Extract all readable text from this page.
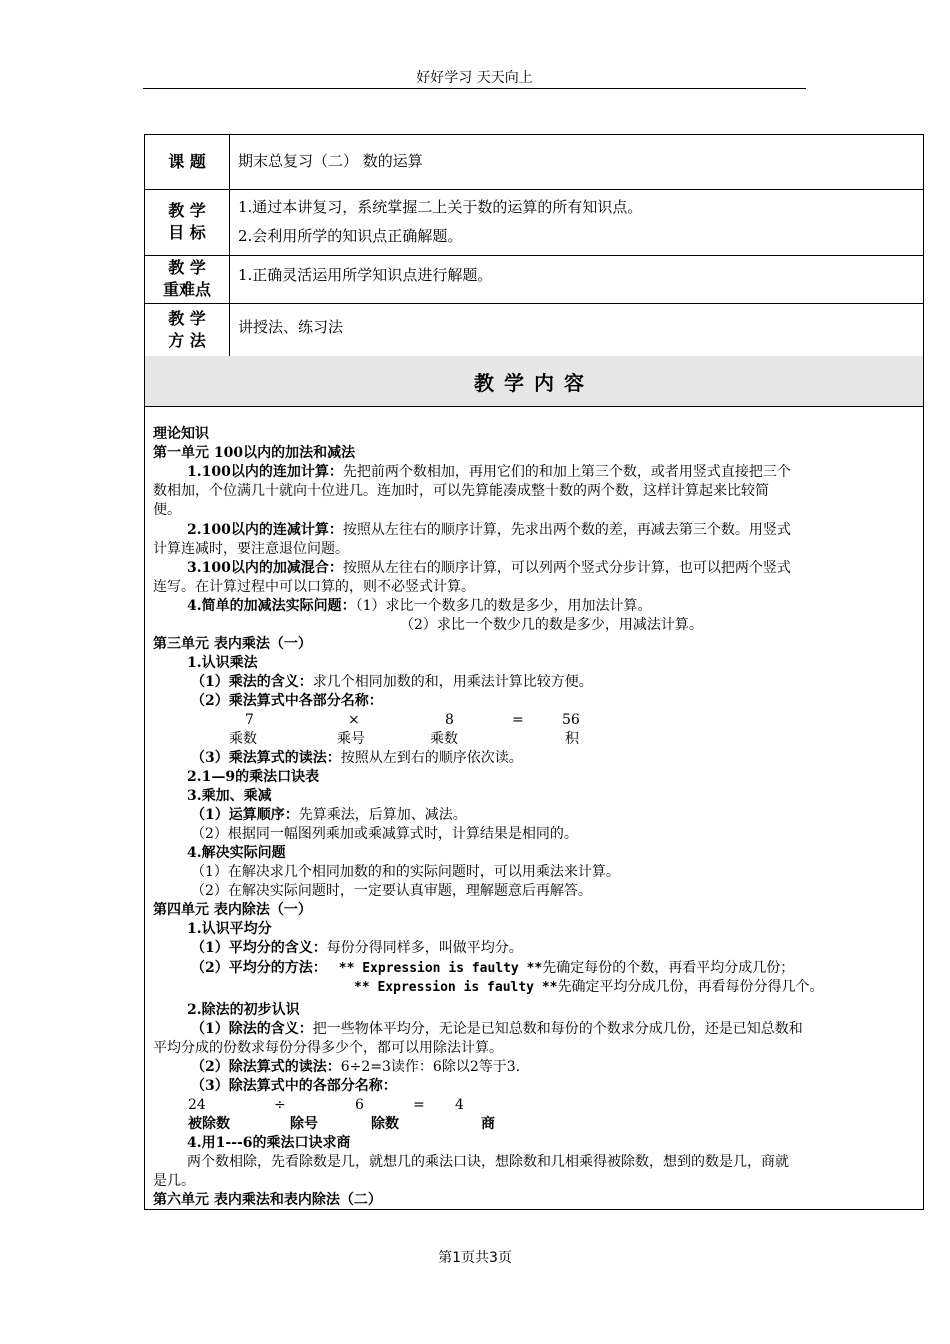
好好学习 天天向上
课 题 期末总复习（二） 数的运算
教 学
目 标
1.通过本讲复习，系统掌握二上关于数的运算的所有知识点。
2.会利用所学的知识点正确解题。
教 学
重难点
1.正确灵活运用所学知识点进行解题。
教 学
方 法
讲授法、练习法
教学内容
理论知识
第一单元 100以内的加法和减法
1.100以内的连加计算：先把前两个数相加，再用它们的和加上第三个数，或者用竖式直接把三个
数相加，个位满几十就向十位进几。连加时，可以先算能凑成整十数的两个数，这样计算起来比较简
便。
2.100以内的连减计算：按照从左往右的顺序计算，先求出两个数的差，再减去第三个数。用竖式
计算连减时，要注意退位问题。
3.100以内的加减混合：按照从左往右的顺序计算，可以列两个竖式分步计算，也可以把两个竖式
连写。在计算过程中可以口算的，则不必竖式计算。
4.简单的加减法实际问题：（1）求比一个数多几的数是多少，用加法计算。
（2）求比一个数少几的数是多少，用减法计算。
第三单元 表内乘法（一）
1.认识乘法
（1）乘法的含义：求几个相同加数的和，用乘法计算比较方便。
（2）乘法算式中各部分名称：
7	×	8	=	56
乘数	乘号	乘数	积
（3）乘法算式的读法：按照从左到右的顺序依次读。
2.1—9的乘法口诀表
3.乘加、乘减
（1）运算顺序：先算乘法，后算加、减法。
（2）根据同一幅图列乘加或乘减算式时，计算结果是相同的。
4.解决实际问题
（1）在解决求几个相同加数的和的实际问题时，可以用乘法来计算。
（2）在解决实际问题时，一定要认真审题，理解题意后再解答。
第四单元 表内除法（一）
1.认识平均分
（1）平均分的含义：每份分得同样多，叫做平均分。
（2）平均分的方法： ** Expression is faulty **先确定每份的个数，再看平均分成几份；
** Expression is faulty **先确定平均分成几份，再看每份分得几个。
2.除法的初步认识
（1）除法的含义：把一些物体平均分，无论是已知总数和每份的个数求分成几份，还是已知总数和
平均分成的份数求每份分得多少个，都可以用除法计算。
（2）除法算式的读法：6÷2=3读作：6除以2等于3.
（3）除法算式中的各部分名称：
24	÷	6	= 4
被除数	除号	除数	商
4.用1---6的乘法口诀求商
两个数相除，先看除数是几，就想几的乘法口诀，想除数和几相乘得被除数，想到的数是几，商就
是几。
第六单元 表内乘法和表内除法（二）
第1页共3页
